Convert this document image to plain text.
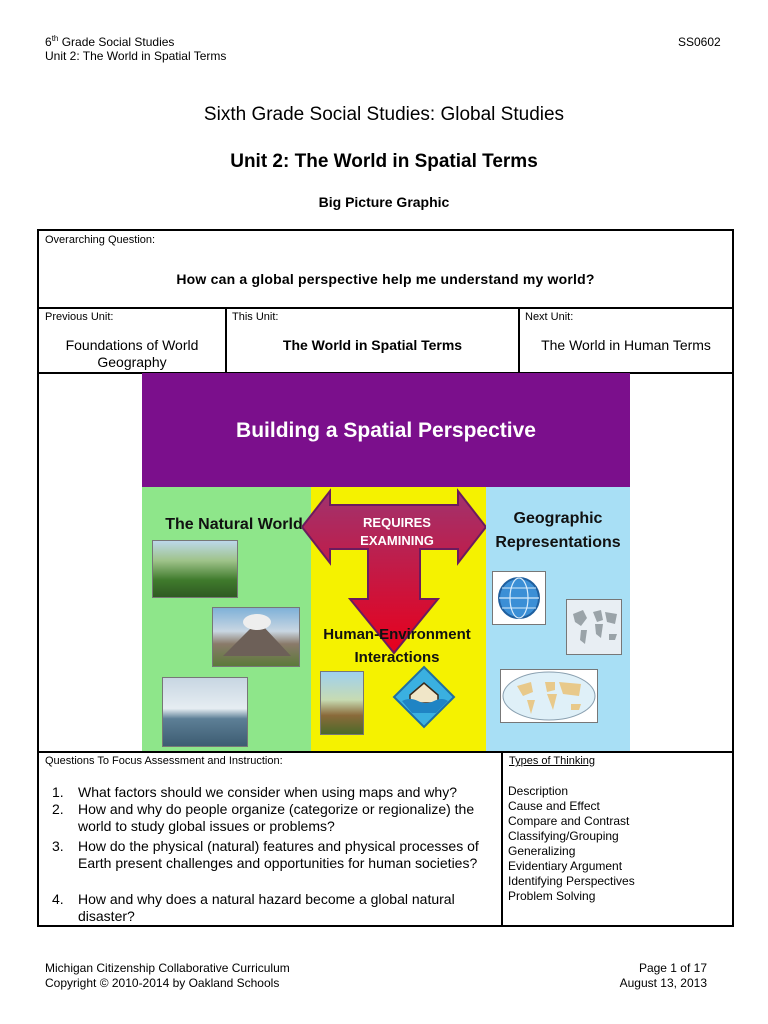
6th Grade Social Studies
Unit 2: The World in Spatial Terms
SS0602
Sixth Grade Social Studies: Global Studies
Unit 2: The World in Spatial Terms
Big Picture Graphic
Overarching Question:
How can a global perspective help me understand my world?
Previous Unit:
Foundations of World Geography
This Unit:
The World in Spatial Terms
Next Unit:
The World in Human Terms
Questions To Focus Assessment and Instruction:	Types of Thinking
1. What factors should we consider when using maps and why?
2. How and why do people organize (categorize or regionalize) the world to study global issues or problems?
3. How do the physical (natural) features and physical processes of Earth present challenges and opportunities for human societies?
4. How and why does a natural hazard become a global natural disaster?
Description
Cause and Effect
Compare and Contrast
Classifying/Grouping
Generalizing
Evidentiary Argument
Identifying Perspectives
Problem Solving
Building a Spatial Perspective
REQUIRES
EXAMINING
The Natural World	Geographic
Representations
Human-Environment
Interactions
Michigan Citizenship Collaborative Curriculum
Copyright © 2010-2014 by Oakland Schools
Page 1 of 17
August 13, 2013
